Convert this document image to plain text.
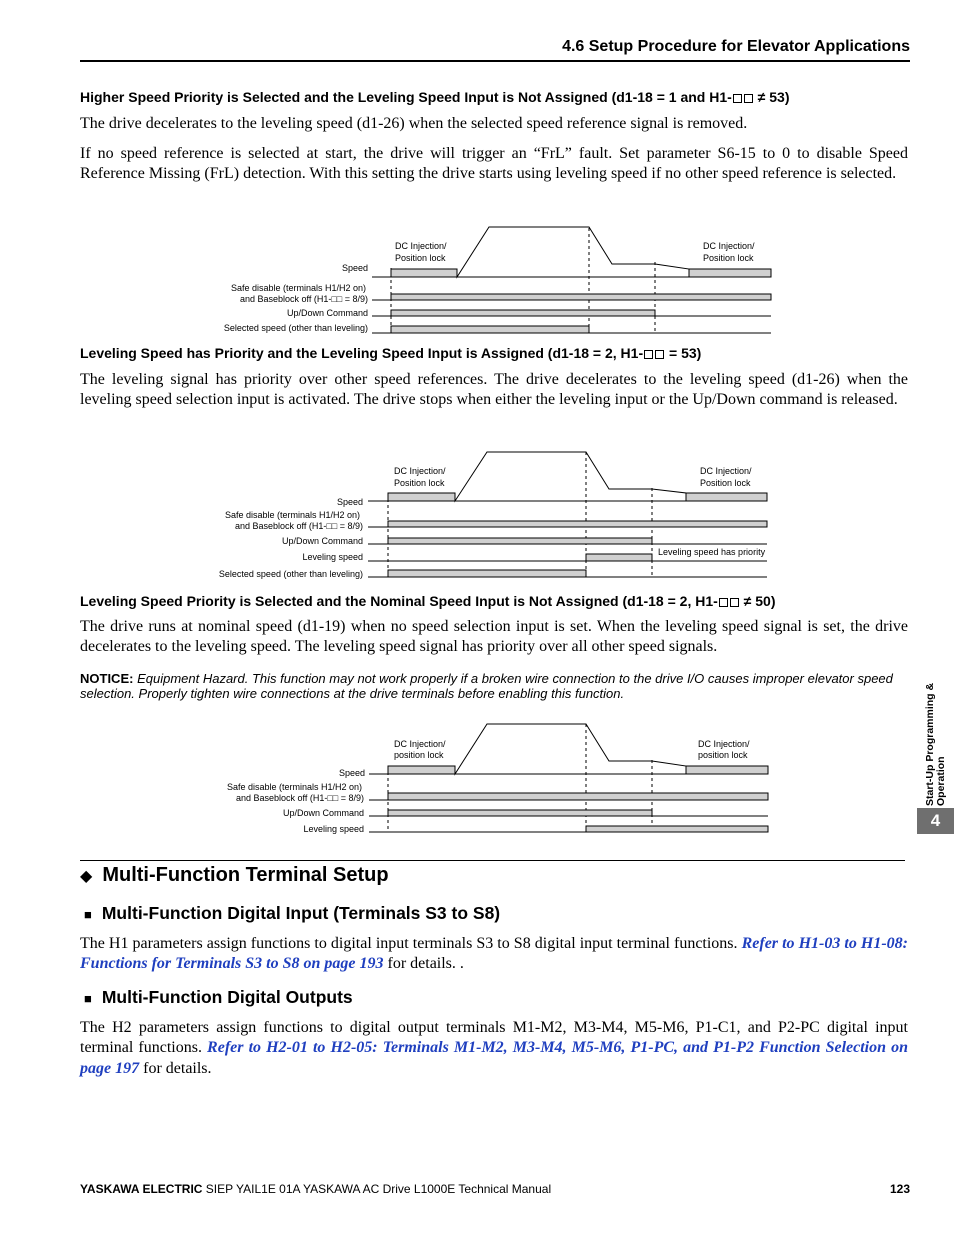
4.6 Setup Procedure for Elevator Applications
Higher Speed Priority is Selected and the Leveling Speed Input is Not Assigned (d1-18 = 1 and H1- ≠ 53)
The drive decelerates to the leveling speed (d1-26) when the selected speed reference signal is removed.
If no speed reference is selected at start, the drive will trigger an “FrL” fault. Set parameter S6-15 to 0 to disable Speed Reference Missing (FrL) detection. With this setting the drive starts using leveling speed if no other speed reference is selected.
DC Injection/
Position lock
DC Injection/
Position lock
Speed
Safe disable (terminals H1/H2 on)
and Baseblock off (H1-□□ = 8/9)
Up/Down Command
Selected speed (other than leveling)
Leveling Speed has Priority and the Leveling Speed Input is Assigned (d1-18 = 2, H1- = 53)
The leveling signal has priority over other speed references. The drive decelerates to the leveling speed (d1-26) when the leveling speed selection input is activated. The drive stops when either the leveling input or the Up/Down command is released.
DC Injection/
Position lock
DC Injection/
Position lock
Speed
Safe disable (terminals H1/H2 on)
and Baseblock off (H1-□□ = 8/9)
Up/Down Command
Leveling speed
Selected speed (other than leveling)
Leveling speed has priority
Leveling Speed Priority is Selected and the Nominal Speed Input is Not Assigned (d1-18 = 2, H1- ≠ 50)
The drive runs at nominal speed (d1-19) when no speed selection input is set. When the leveling speed signal is set, the drive decelerates to the leveling speed. The leveling speed signal has priority over all other speed signals.
NOTICE: Equipment Hazard. This function may not work properly if a broken wire connection to the drive I/O causes improper elevator speed selection. Properly tighten wire connections at the drive terminals before enabling this function.
DC Injection/
position lock
DC Injection/
position lock
Speed
Safe disable (terminals H1/H2 on)
and Baseblock off (H1-□□ = 8/9)
Up/Down Command
Leveling speed
◆ Multi-Function Terminal Setup
■ Multi-Function Digital Input (Terminals S3 to S8)
The H1 parameters assign functions to digital input terminals S3 to S8 digital input terminal functions. Refer to H1-03 to H1-08: Functions for Terminals S3 to S8 on page 193 for details. .
■ Multi-Function Digital Outputs
The H2 parameters assign functions to digital output terminals M1-M2, M3-M4, M5-M6, P1-C1, and P2-PC digital input terminal functions. Refer to H2-01 to H2-05: Terminals M1-M2, M3-M4, M5-M6, P1-PC, and P1-P2 Function Selection on page 197 for details.
Start-Up Programming & Operation
4
YASKAWA ELECTRIC SIEP YAIL1E 01A YASKAWA AC Drive L1000E Technical Manual	123
